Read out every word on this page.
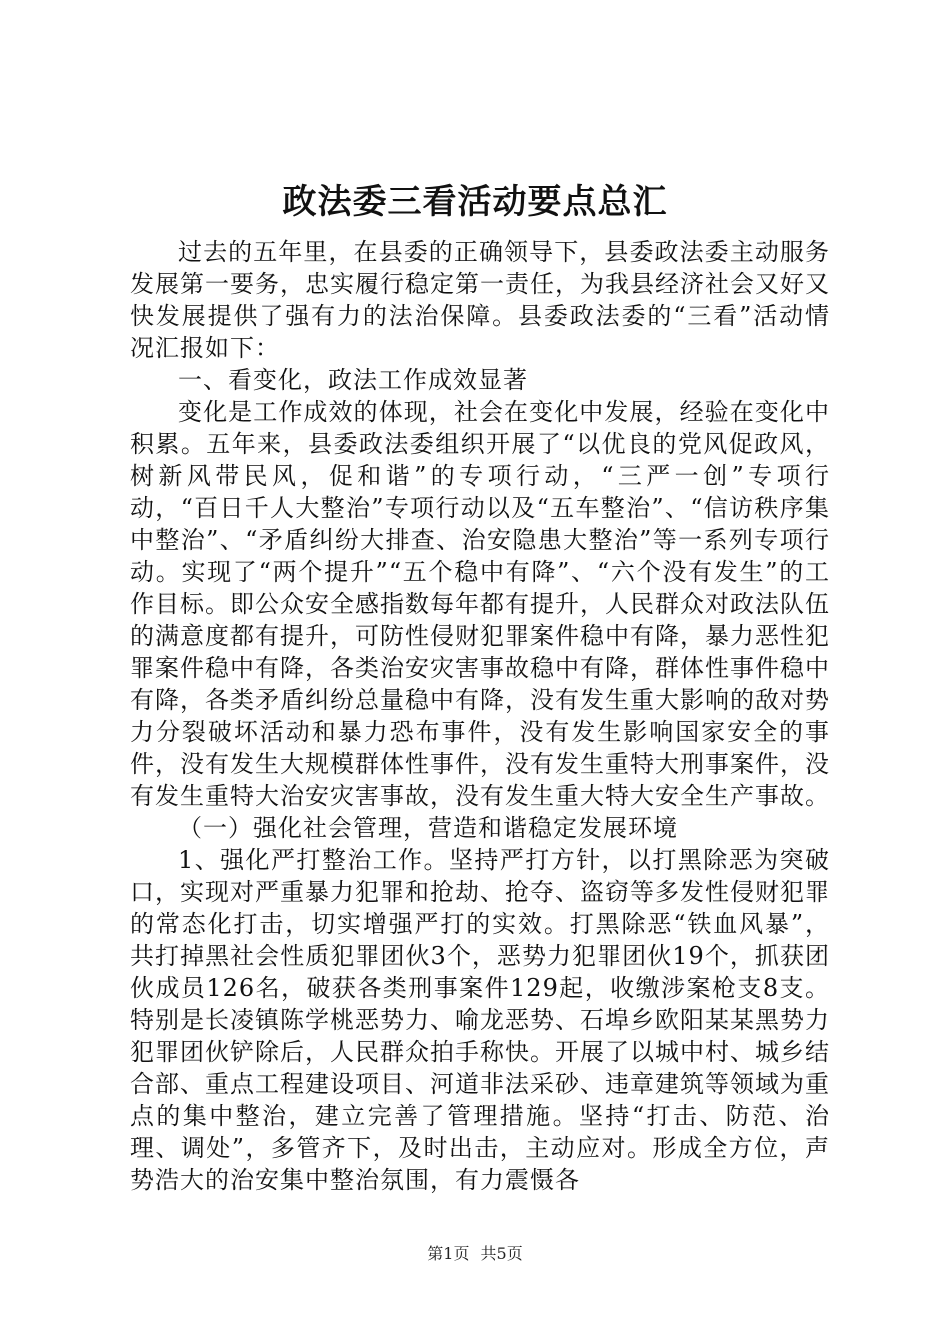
政法委三看活动要点总汇

过去的五年里，在县委的正确领导下，县委政法委主动服务发展第一要务，忠实履行稳定第一责任，为我县经济社会又好又快发展提供了强有力的法治保障。县委政法委的“三看”活动情况汇报如下：

一、看变化，政法工作成效显著

变化是工作成效的体现，社会在变化中发展，经验在变化中积累。五年来，县委政法委组织开展了“以优良的党风促政风，树新风带民风，促和谐”的专项行动，“三严一创”专项行动，“百日千人大整治”专项行动以及“五车整治”、“信访秩序集中整治”、“矛盾纠纷大排查、治安隐患大整治”等一系列专项行动。实现了“两个提升”“五个稳中有降”、“六个没有发生”的工作目标。即公众安全感指数每年都有提升，人民群众对政法队伍的满意度都有提升，可防性侵财犯罪案件稳中有降，暴力恶性犯罪案件稳中有降，各类治安灾害事故稳中有降，群体性事件稳中有降，各类矛盾纠纷总量稳中有降，没有发生重大影响的敌对势力分裂破坏活动和暴力恐布事件，没有发生影响国家安全的事件，没有发生大规模群体性事件，没有发生重特大刑事案件，没有发生重特大治安灾害事故，没有发生重大特大安全生产事故。

（一）强化社会管理，营造和谐稳定发展环境

1、强化严打整治工作。坚持严打方针，以打黑除恶为突破口，实现对严重暴力犯罪和抢劫、抢夺、盗窃等多发性侵财犯罪的常态化打击，切实增强严打的实效。打黑除恶“铁血风暴”，共打掉黑社会性质犯罪团伙3个，恶势力犯罪团伙19个，抓获团伙成员126名，破获各类刑事案件129起，收缴涉案枪支8支。特别是长凌镇陈学桃恶势力、喻龙恶势、石埠乡欧阳某某黑势力犯罪团伙铲除后，人民群众拍手称快。开展了以城中村、城乡结合部、重点工程建设项目、河道非法采砂、违章建筑等领域为重点的集中整治，建立完善了管理措施。坚持“打击、防范、治理、调处”，多管齐下，及时出击，主动应对。形成全方位，声势浩大的治安集中整治氛围，有力震慑各

第1页 共5页
